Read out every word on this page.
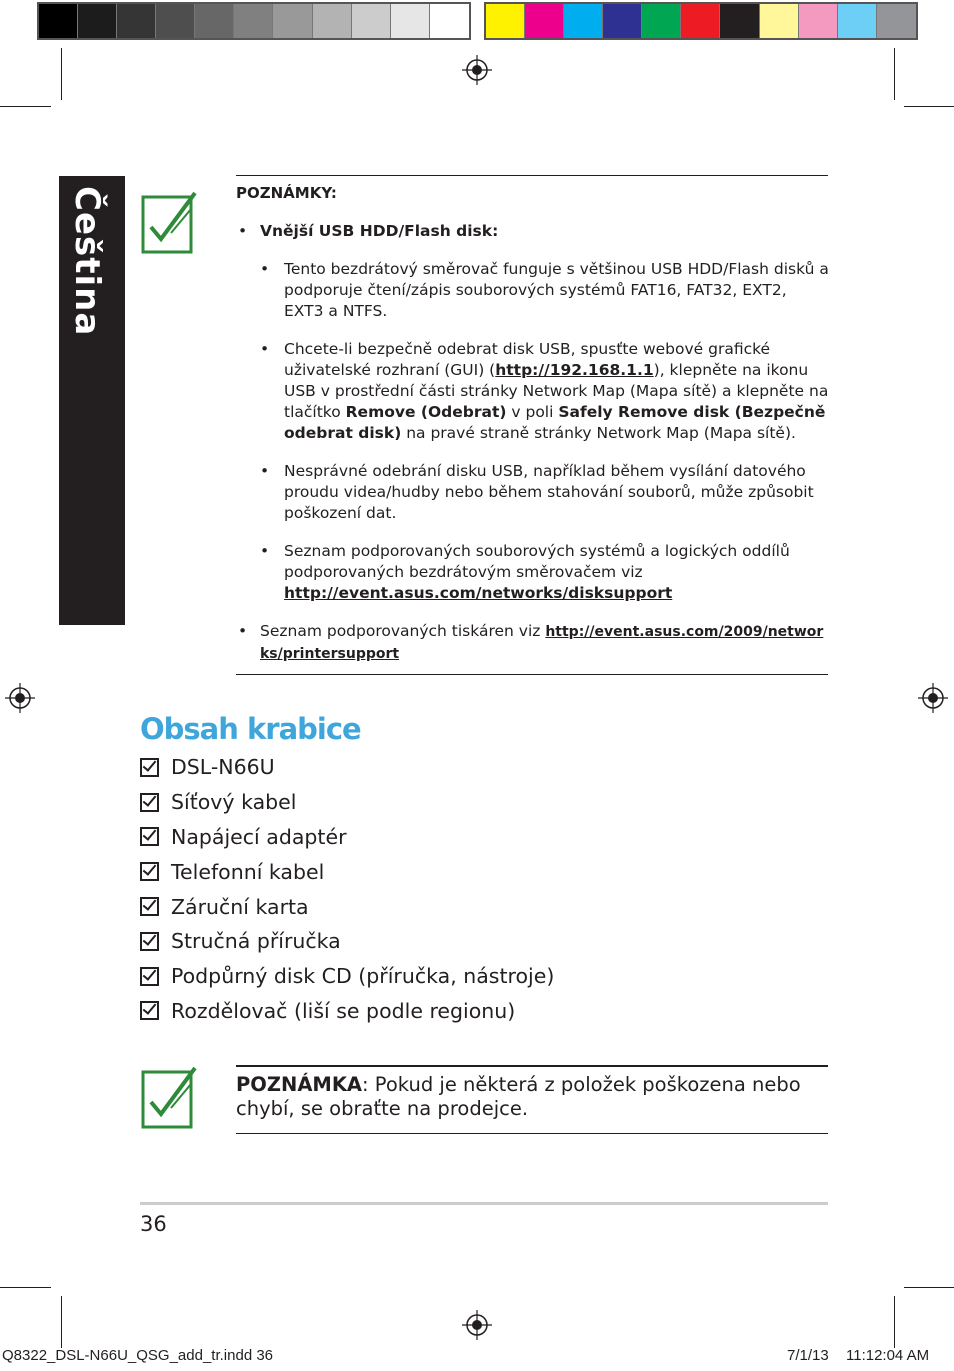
Čeština	POZNÁMKY:
• Vnější USB HDD/Flash disk:
• Tento bezdrátový směrovač funguje s většinou USB HDD/Flash disků a podporuje čtení/zápis souborových systémů FAT16, FAT32, EXT2, EXT3 a NTFS.
• Chcete-li bezpečně odebrat disk USB, spusťte webové grafické uživatelské rozhraní (GUI) (http://192.168.1.1), klepněte na ikonu USB v prostřední části stránky Network Map (Mapa sítě) a klepněte na tlačítko Remove (Odebrat) v poli Safely Remove disk (Bezpečně odebrat disk) na pravé straně stránky Network Map (Mapa sítě).
• Nesprávné odebrání disku USB, například během vysílání datového proudu videa/hudby nebo během stahování souborů, může způsobit poškození dat.
• Seznam podporovaných souborových systémů a logických oddílů podporovaných bezdrátovým směrovačem viz http://event.asus.com/networks/disksupport
• Seznam podporovaných tiskáren viz http://event.asus.com/2009/networks/printersupport
Obsah krabice
DSL-N66U
Síťový kabel
Napájecí adaptér
Telefonní kabel
Záruční karta
Stručná příručka
Podpůrný disk CD (příručka, nástroje)
Rozdělovač (liší se podle regionu)
POZNÁMKA: Pokud je některá z položek poškozena nebo chybí, se obraťte na prodejce.
36
Q8322_DSL-N66U_QSG_add_tr.indd 36	7/1/13 11:12:04 AM
